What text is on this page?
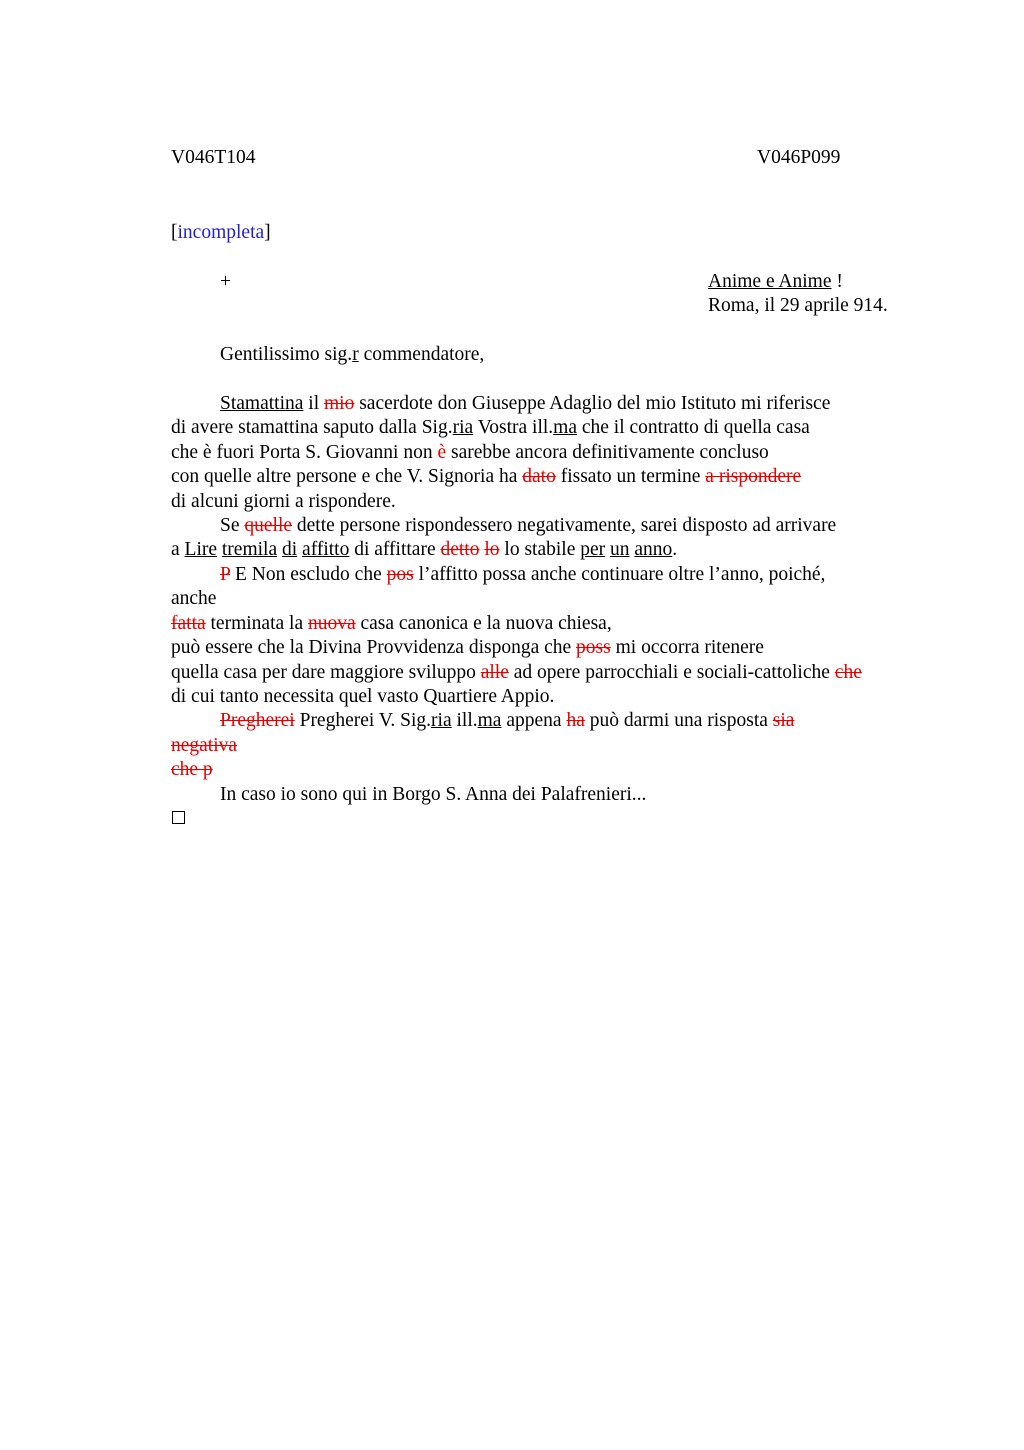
V046T104	V046P099
[incompleta]
+	Anime e Anime !
Roma, il 29 aprile 914.
Gentilissimo sig.r commendatore,
Stamattina il mio sacerdote don Giuseppe Adaglio del mio Istituto mi riferisce
di avere stamattina saputo dalla Sig.ria Vostra ill.ma che il contratto di quella casa
che è fuori Porta S. Giovanni non è sarebbe ancora definitivamente concluso
con quelle altre persone e che V. Signoria ha dato fissato un termine a rispondere
di alcuni giorni a rispondere.
Se quelle dette persone rispondessero negativamente, sarei disposto ad arrivare
a Lire tremila di affitto di affittare detto lo lo stabile per un anno.
P E Non escludo che pos l’affitto possa anche continuare oltre l’anno, poiché,
anche
fatta terminata la nuova casa canonica e la nuova chiesa,
può essere che la Divina Provvidenza disponga che poss mi occorra ritenere
quella casa per dare maggiore sviluppo alle ad opere parrocchiali e sociali-cattoliche che
di cui tanto necessita quel vasto Quartiere Appio.
Pregherei Pregherei V. Sig.ria ill.ma appena ha può darmi una risposta sia
negativa
che p
In caso io sono qui in Borgo S. Anna dei Palafrenieri...
